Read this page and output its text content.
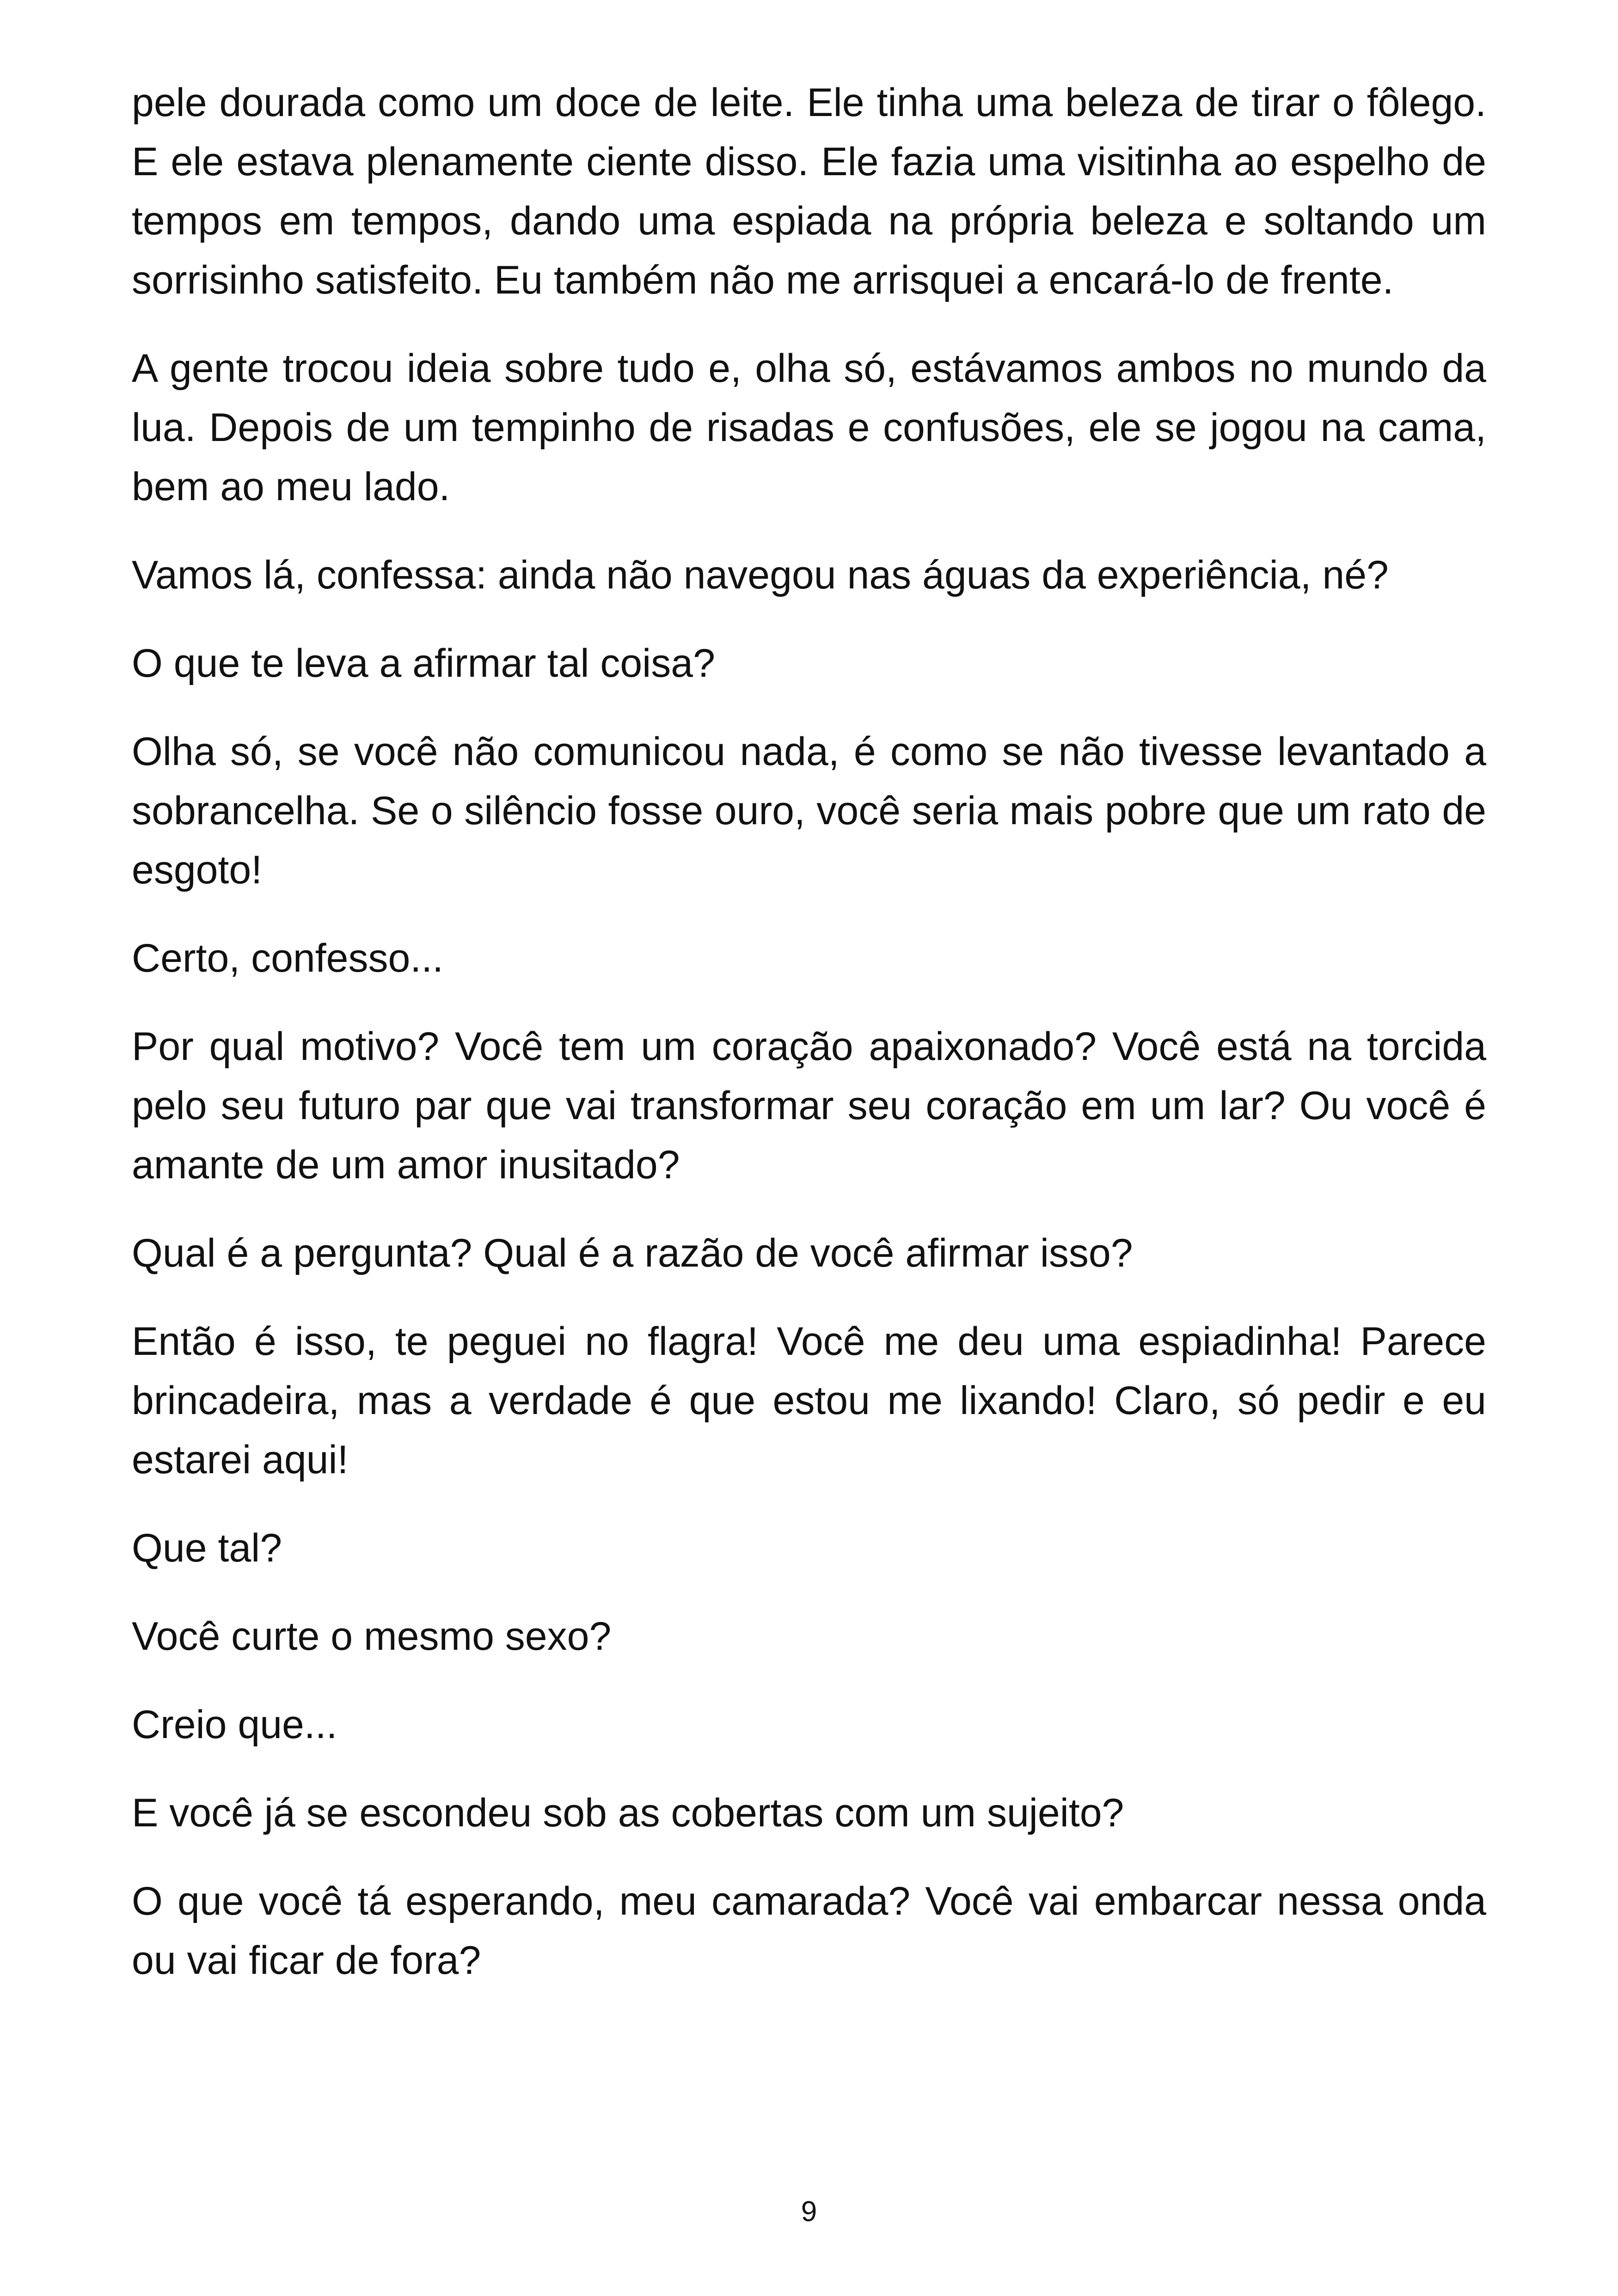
pele dourada como um doce de leite. Ele tinha uma beleza de tirar o fôlego. E ele estava plenamente ciente disso. Ele fazia uma visitinha ao espelho de tempos em tempos, dando uma espiada na própria beleza e soltando um sorrisinho satisfeito. Eu também não me arrisquei a encará-lo de frente.

A gente trocou ideia sobre tudo e, olha só, estávamos ambos no mundo da lua. Depois de um tempinho de risadas e confusões, ele se jogou na cama, bem ao meu lado.

Vamos lá, confessa: ainda não navegou nas águas da experiência, né?

O que te leva a afirmar tal coisa?

Olha só, se você não comunicou nada, é como se não tivesse levantado a sobrancelha. Se o silêncio fosse ouro, você seria mais pobre que um rato de esgoto!

Certo, confesso...

Por qual motivo? Você tem um coração apaixonado? Você está na torcida pelo seu futuro par que vai transformar seu coração em um lar? Ou você é amante de um amor inusitado?

Qual é a pergunta? Qual é a razão de você afirmar isso?

Então é isso, te peguei no flagra! Você me deu uma espiadinha! Parece brincadeira, mas a verdade é que estou me lixando! Claro, só pedir e eu estarei aqui!

Que tal?

Você curte o mesmo sexo?

Creio que...

E você já se escondeu sob as cobertas com um sujeito?

O que você tá esperando, meu camarada? Você vai embarcar nessa onda ou vai ficar de fora?

9
